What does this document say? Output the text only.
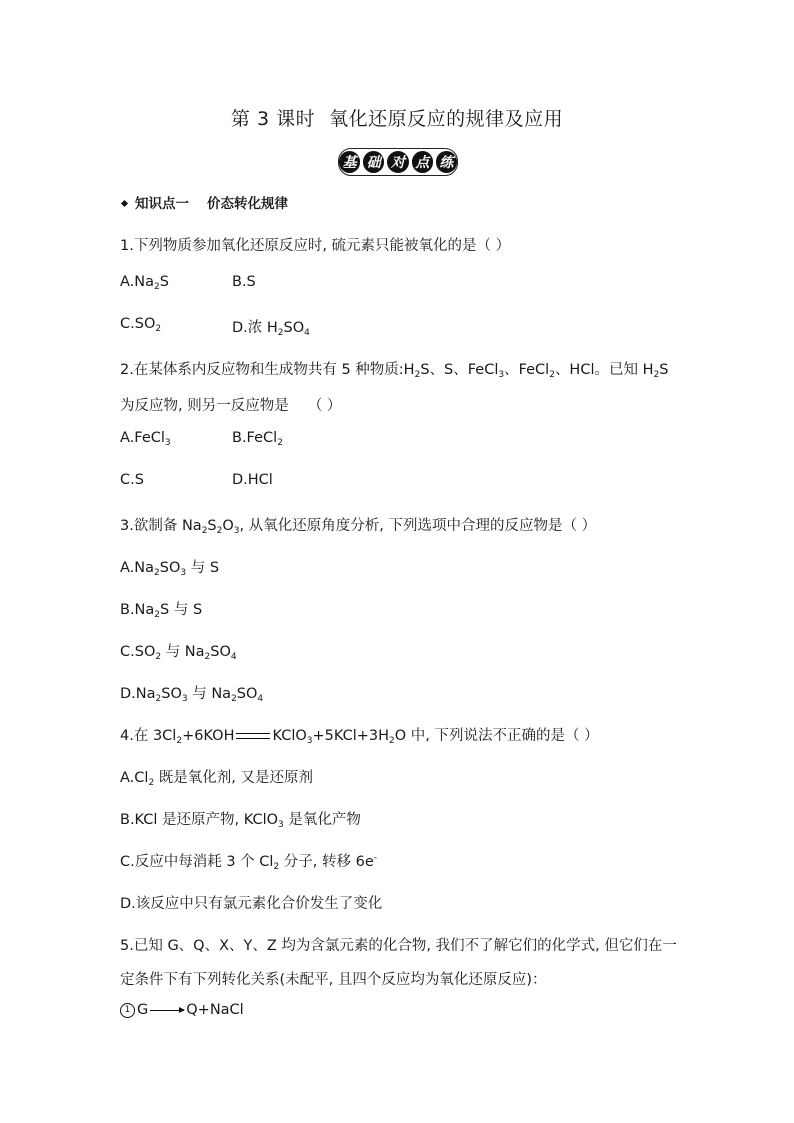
第 3 课时 氧化还原反应的规律及应用
基 础 对 点 练
知识点一 价态转化规律
1.下列物质参加氧化还原反应时, 硫元素只能被氧化的是（ ）
$A.Na_2S$	B.S
$C.SO_2$	D.浓 $H_2SO_4$
2.在某体系内反应物和生成物共有 5 种物质$:H_2S$、S、FeCl$_3$、FeCl$_2$、HCl。已知 $H_2S$
为反应物, 则另一反应物是　 （ ）
A.FeCl$_3$	B.FeCl$_2$
C.S	D.HCl
3.欲制备 $Na_2S_2O_3$, 从氧化还原角度分析, 下列选项中合理的反应物是（ ）
$A.Na_2SO_3$ 与 S
$B.Na_2S$ 与 S
$C.SO_2$ 与 $Na_2SO_4$
$D.Na_2SO_3$ 与 $Na_2SO_4$
4.在 $3Cl_2+6KOH$	$KClO_3+5KCl+3H_2O$ 中, 下列说法不正确的是（ ）
$A.Cl_2$ 既是氧化剂, 又是还原剂
B.KCl 是还原产物, KClO$_3$ 是氧化产物
C.反应中每消耗 3 个 $Cl_2$ 分子, 转移 6e-
D.该反应中只有氯元素化合价发生了变化
5.已知 G、Q、X、Y、Z 均为含氯元素的化合物, 我们不了解它们的化学式, 但它们在一
定条件下有下列转化关系(未配平, 且四个反应均为氧化还原反应)：
1 G → Q+NaCl
